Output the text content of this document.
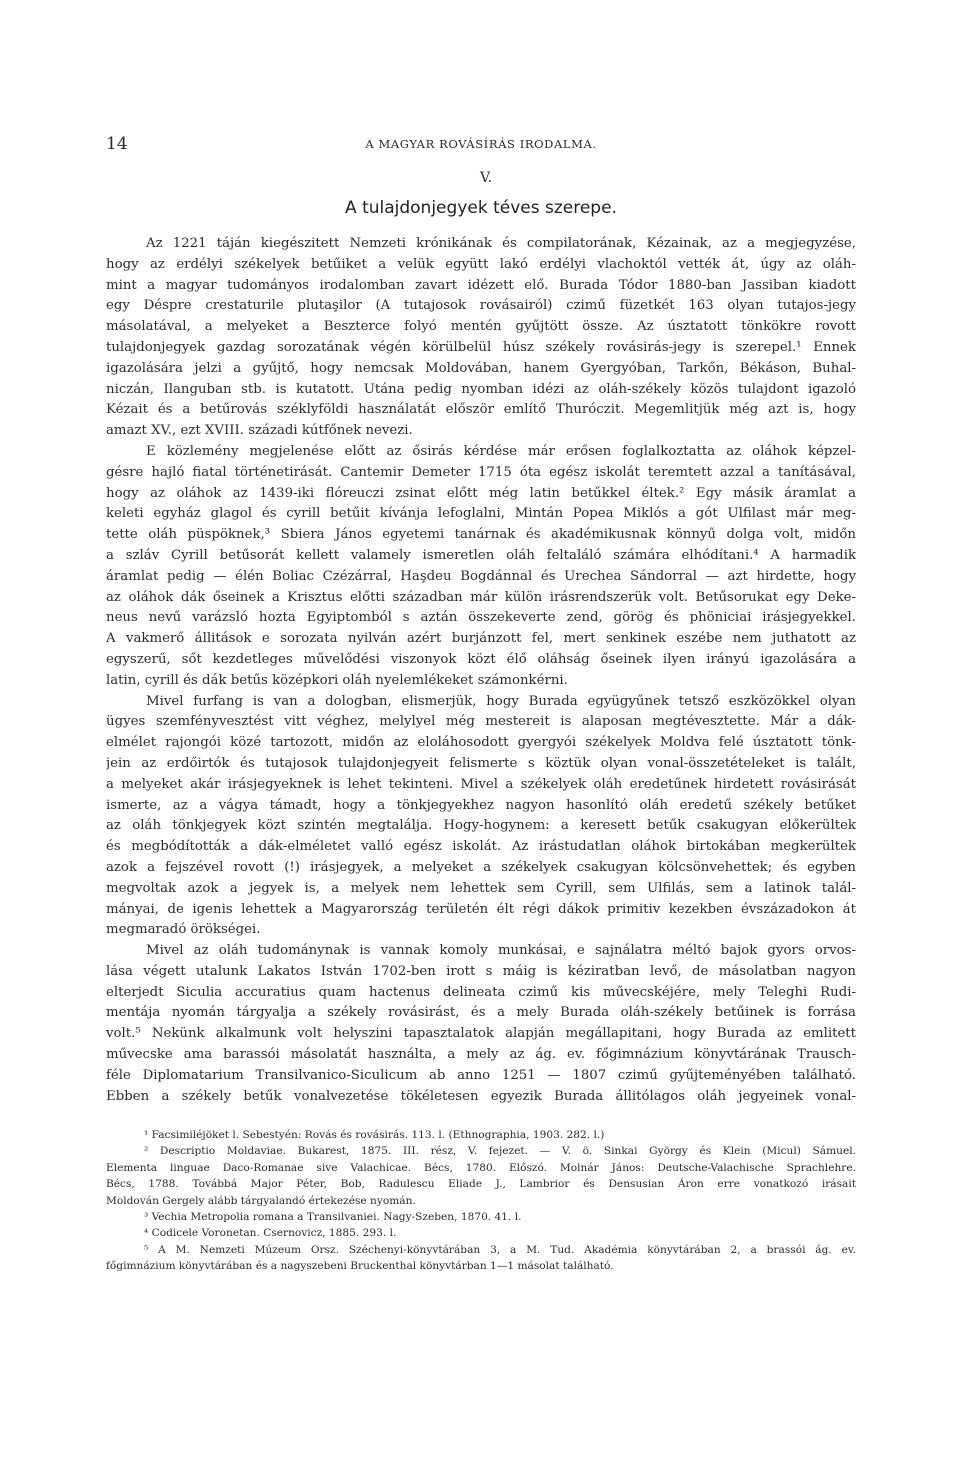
14	A MAGYAR ROVÁSÍRÁS IRODALMA.
V.
A tulajdonjegyek téves szerepe.
Az 1221 táján kiegészitett Nemzeti krónikának és compilatorának, Kézainak, az a megjegyzése,
hogy az erdélyi székelyek betűiket a velük együtt lakó erdélyi vlachoktól vették át, úgy az oláh-
mint a magyar tudományos irodalomban zavart idézett elő. Burada Tódor 1880-ban Jassiban kiadott
egy Déspre crestaturile plutaşilor (A tutajosok rovásairól) czimű füzetkét 163 olyan tutajos-jegy
másolatával, a melyeket a Beszterce folyó mentén gyűjtött össze. Az úsztatott tönkökre rovott
tulajdonjegyek gazdag sorozatának végén körülbelül húsz székely rovásirás-jegy is szerepel.¹ Ennek
igazolására jelzi a gyűjtő, hogy nemcsak Moldovában, hanem Gyergyóban, Tarkőn, Békáson, Buhal-
niczán, Ilanguban stb. is kutatott. Utána pedig nyomban idézi az oláh-székely közös tulajdont igazoló
Kézait és a betűrovás széklyföldi használatát először említő Thuróczit. Megemlitjük még azt is, hogy
amazt XV., ezt XVIII. századi kútfőnek nevezi.
E közlemény megjelenése előtt az ősirás kérdése már erősen foglalkoztatta az oláhok képzel-
gésre hajló fiatal történetirását. Cantemir Demeter 1715 óta egész iskolát teremtett azzal a tanításával,
hogy az oláhok az 1439-iki flóreuczi zsinat előtt még latin betűkkel éltek.² Egy másik áramlat a
keleti egyház glagol és cyrill betűit kívánja lefoglalni, Mintán Popea Miklós a gót Ulfilast már meg-
tette oláh püspöknek,³ Sbiera János egyetemi tanárnak és akadémikusnak könnyű dolga volt, midőn
a szláv Cyrill betűsorát kellett valamely ismeretlen oláh feltaláló számára elhódítani.⁴ A harmadik
áramlat pedig — élén Boliac Czézárral, Haşdeu Bogdánnal és Urechea Sándorral — azt hirdette, hogy
az oláhok dák őseinek a Krisztus előtti században már külön irásrendszerük volt. Betűsorukat egy Deke-
neus nevű varázsló hozta Egyiptomból s aztán összekeverte zend, görög és phöniciai irásjegyekkel.
A vakmerő állitások e sorozata nyilván azért burjánzott fel, mert senkinek eszébe nem juthatott az
egyszerű, sőt kezdetleges művelődési viszonyok közt élő oláhság őseinek ilyen irányú igazolására a
latin, cyrill és dák betűs középkori oláh nyelemlékeket számonkérni.
Mivel furfang is van a dologban, elismerjük, hogy Burada együgyűnek tetsző eszközökkel olyan
ügyes szemfényvesztést vitt véghez, melylyel még mestereit is alaposan megtévesztette. Már a dák-
elmélet rajongói közé tartozott, midőn az eloláhosodott gyergyói székelyek Moldva felé úsztatott tönk-
jein az erdőirtók és tutajosok tulajdonjegyeit felismerte s köztük olyan vonal-összetételeket is talált,
a melyeket akár irásjegyeknek is lehet tekinteni. Mivel a székelyek oláh eredetűnek hirdetett rovásirását
ismerte, az a vágya támadt, hogy a tönkjegyekhez nagyon hasonlító oláh eredetű székely betűket
az oláh tönkjegyek közt szintén megtalálja. Hogy-hogynem: a keresett betűk csakugyan előkerültek
és megbódították a dák-elméletet valló egész iskolát. Az irástudatlan oláhok birtokában megkerültek
azok a fejszével rovott (!) irásjegyek, a melyeket a székelyek csakugyan kölcsönvehettek; és egyben
megvoltak azok a jegyek is, a melyek nem lehettek sem Cyrill, sem Ulfilás, sem a latinok talál-
mányai, de igenis lehettek a Magyarország területén élt régi dákok primitiv kezekben évszázadokon át
megmaradó örökségei.
Mivel az oláh tudománynak is vannak komoly munkásai, e sajnálatra méltó bajok gyors orvos-
lása végett utalunk Lakatos István 1702-ben irott s máig is kéziratban levő, de másolatban nagyon
elterjedt Siculia accuratius quam hactenus delineata czimű kis művecskéjére, mely Teleghi Rudi-
mentája nyomán tárgyalja a székely rovásirást, és a mely Burada oláh-székely betűinek is forrása
volt.⁵ Nekünk alkalmunk volt helyszini tapasztalatok alapján megállapitani, hogy Burada az emlitett
művecske ama barassói másolatát használta, a mely az ág. ev. főgimnázium könyvtárának Trausch-
féle Diplomatarium Transilvanico-Siculicum ab anno 1251 — 1807 czimű gyűjteményében található.
Ebben a székely betűk vonalvezetése tökéletesen egyezik Burada állitólagos oláh jegyeinek vonal-
¹ Facsimiléjöket l. Sebestyén: Rovás és rovásirás. 113. l. (Ethnographia, 1903. 282. l.)
² Descriptio Moldaviae. Bukarest, 1875. III. rész, V. fejezet. — V. ö. Sinkai György és Klein (Micul) Sámuel.
Elementa linguae Daco-Romanae sive Valachicae. Bécs, 1780. Előszó. Molnár János: Deutsche-Valachische Sprachlehre.
Bécs, 1788. Továbbá Major Péter, Bob, Radulescu Eliade J., Lambrior és Densusian Áron erre vonatkozó irásait
Moldován Gergely alább tárgyalandó értekezése nyomán.
³ Vechia Metropolia romana a Transilvaniei. Nagy-Szeben, 1870. 41. l.
⁴ Codicele Voronetan. Csernovicz, 1885. 293. l.
⁵ A M. Nemzeti Múzeum Orsz. Széchenyi-könyvtárában 3, a M. Tud. Akadémia könyvtárában 2, a brassói ág. ev.
főgimnázium könyvtárában és a nagyszebeni Bruckenthal könyvtárban 1—1 másolat található.
